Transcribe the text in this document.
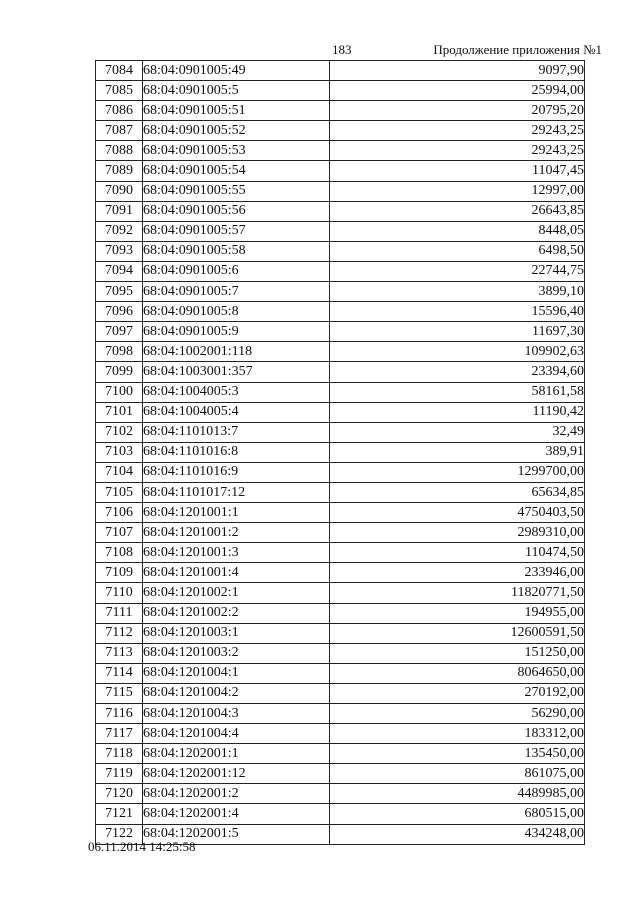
183	Продолжение приложения №1
7084	68:04:0901005:49	9097,90
7085	68:04:0901005:5	25994,00
7086	68:04:0901005:51	20795,20
7087	68:04:0901005:52	29243,25
7088	68:04:0901005:53	29243,25
7089	68:04:0901005:54	11047,45
7090	68:04:0901005:55	12997,00
7091	68:04:0901005:56	26643,85
7092	68:04:0901005:57	8448,05
7093	68:04:0901005:58	6498,50
7094	68:04:0901005:6	22744,75
7095	68:04:0901005:7	3899,10
7096	68:04:0901005:8	15596,40
7097	68:04:0901005:9	11697,30
7098	68:04:1002001:118	109902,63
7099	68:04:1003001:357	23394,60
7100	68:04:1004005:3	58161,58
7101	68:04:1004005:4	11190,42
7102	68:04:1101013:7	32,49
7103	68:04:1101016:8	389,91
7104	68:04:1101016:9	1299700,00
7105	68:04:1101017:12	65634,85
7106	68:04:1201001:1	4750403,50
7107	68:04:1201001:2	2989310,00
7108	68:04:1201001:3	110474,50
7109	68:04:1201001:4	233946,00
7110	68:04:1201002:1	11820771,50
7111	68:04:1201002:2	194955,00
7112	68:04:1201003:1	12600591,50
7113	68:04:1201003:2	151250,00
7114	68:04:1201004:1	8064650,00
7115	68:04:1201004:2	270192,00
7116	68:04:1201004:3	56290,00
7117	68:04:1201004:4	183312,00
7118	68:04:1202001:1	135450,00
7119	68:04:1202001:12	861075,00
7120	68:04:1202001:2	4489985,00
7121	68:04:1202001:4	680515,00
7122	68:04:1202001:5	434248,00
06.11.2014 14:25:58
